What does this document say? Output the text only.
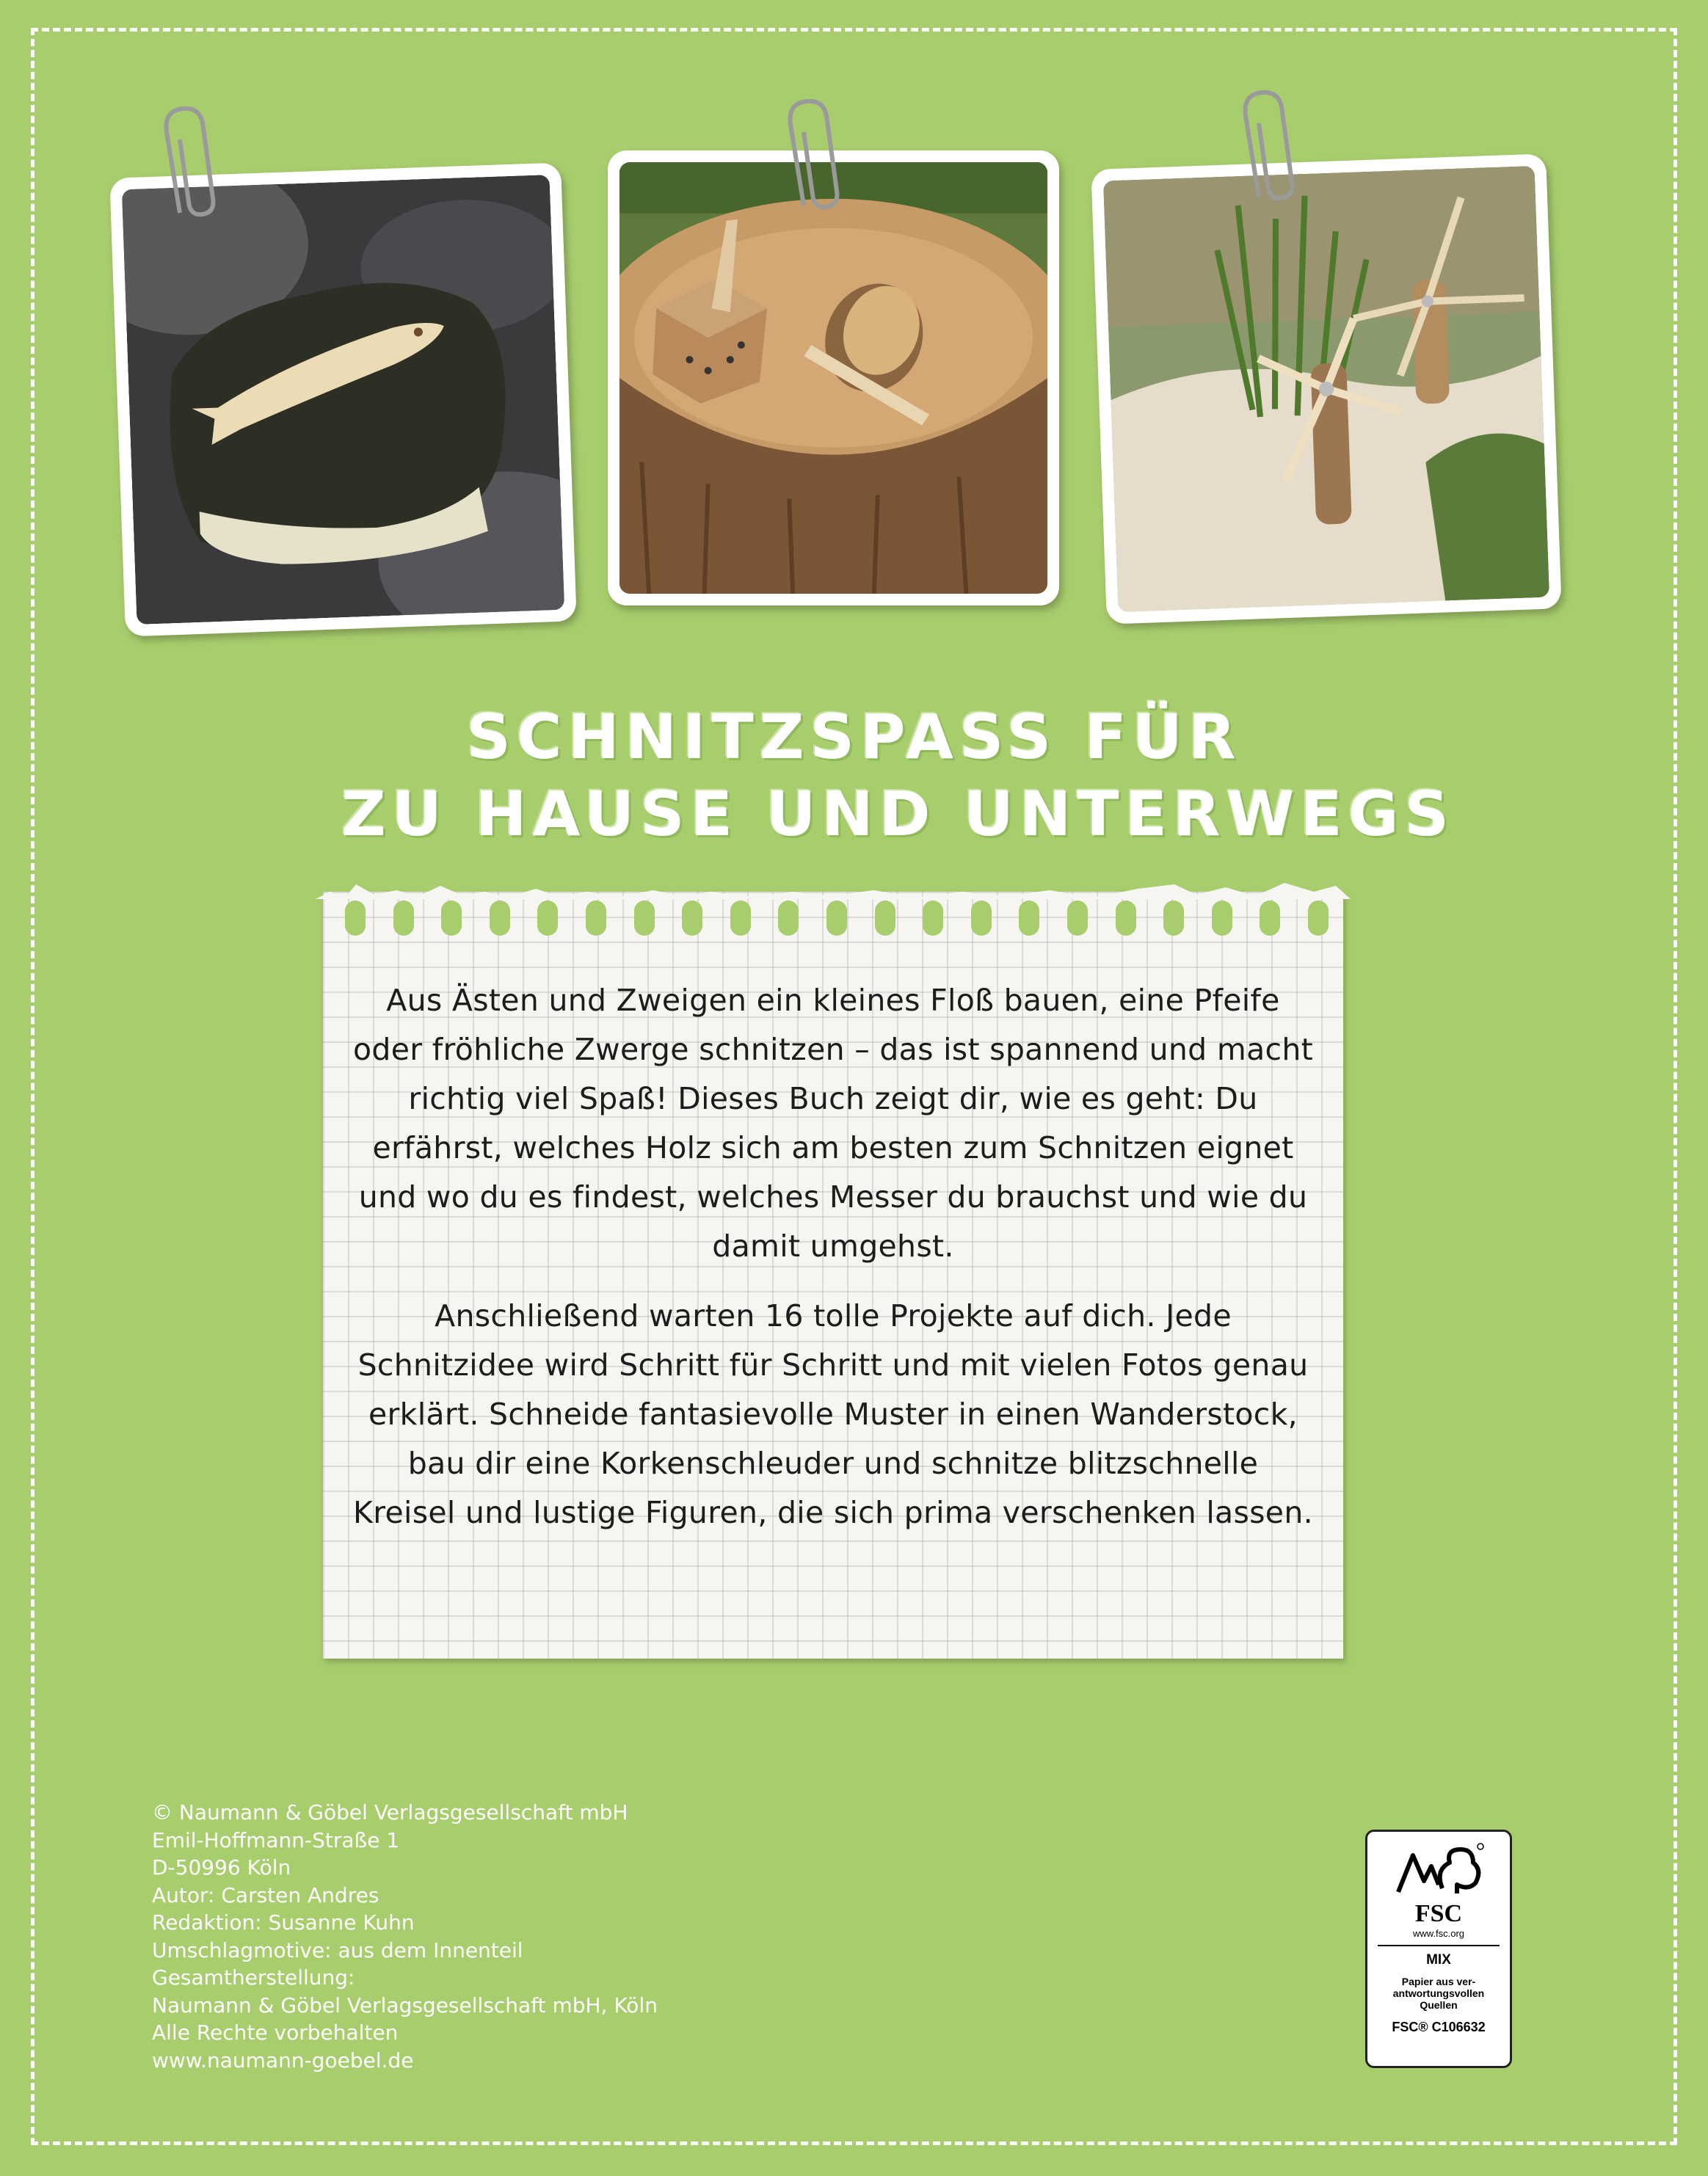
SCHNITZSPASS FÜR
ZU HAUSE UND UNTERWEGS

Aus Ästen und Zweigen ein kleines Floß bauen, eine Pfeife oder fröhliche Zwerge schnitzen – das ist spannend und macht richtig viel Spaß! Dieses Buch zeigt dir, wie es geht: Du erfährst, welches Holz sich am besten zum Schnitzen eignet und wo du es findest, welches Messer du brauchst und wie du damit umgehst.

Anschließend warten 16 tolle Projekte auf dich. Jede Schnitzidee wird Schritt für Schritt und mit vielen Fotos genau erklärt. Schneide fantasievolle Muster in einen Wanderstock, bau dir eine Korkenschleuder und schnitze blitzschnelle Kreisel und lustige Figuren, die sich prima verschenken lassen.

© Naumann & Göbel Verlagsgesellschaft mbH
Emil-Hoffmann-Straße 1
D-50996 Köln
Autor: Carsten Andres
Redaktion: Susanne Kuhn
Umschlagmotive: aus dem Innenteil
Gesamtherstellung:
Naumann & Göbel Verlagsgesellschaft mbH, Köln
Alle Rechte vorbehalten
www.naumann-goebel.de
FSC
www.fsc.org
MIX
Papier aus ver-
antwortungsvollen
Quellen
FSC® C106632
